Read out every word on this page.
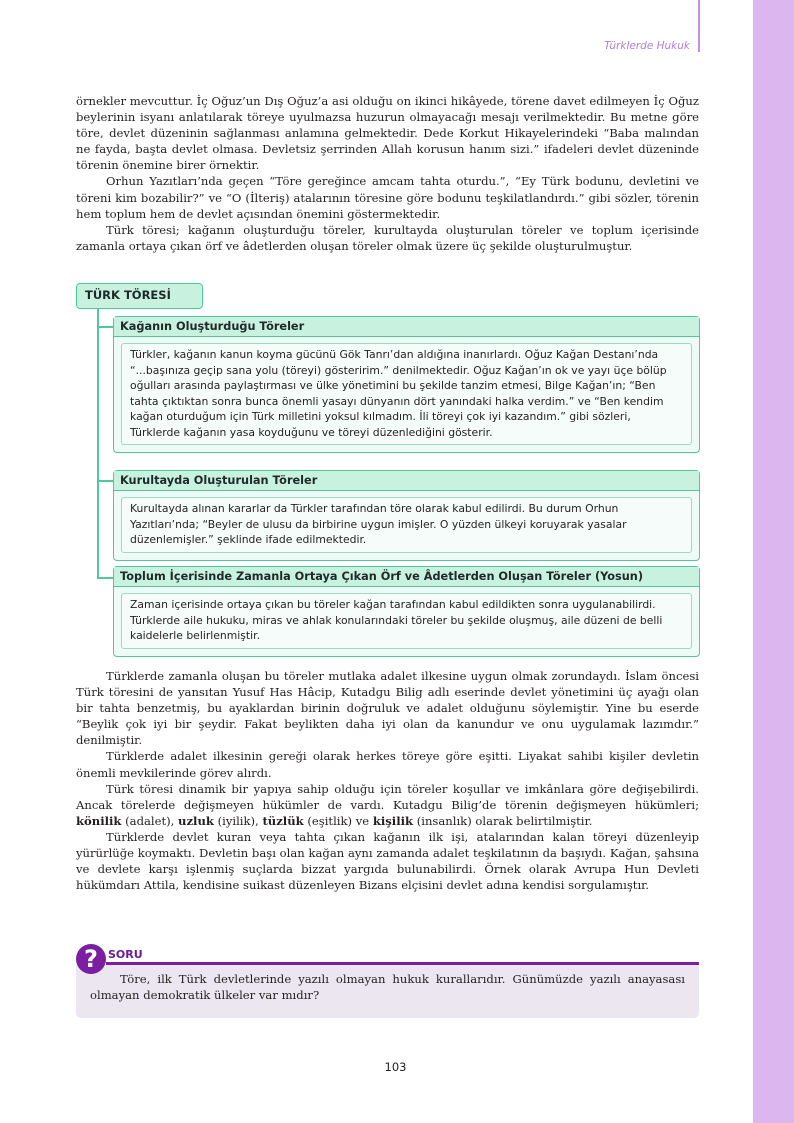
Türklerde Hukuk

örnekler mevcuttur. İç Oğuz’un Dış Oğuz’a asi olduğu on ikinci hikâyede, törene davet edilmeyen İç Oğuz beylerinin isyanı anlatılarak töreye uyulmazsa huzurun olmayacağı mesajı verilmektedir. Bu metne göre töre, devlet düzeninin sağlanması anlamına gelmektedir. Dede Korkut Hikayelerindeki “Baba malından ne fayda, başta devlet olmasa. Devletsiz şerrinden Allah korusun hanım sizi.” ifadeleri devlet düzeninde törenin önemine birer örnektir.

Orhun Yazıtları’nda geçen “Töre gereğince amcam tahta oturdu.”, “Ey Türk bodunu, devletini ve töreni kim bozabilir?” ve “O (İlteriş) atalarının töresine göre bodunu teşkilatlandırdı.” gibi sözler, törenin hem toplum hem de devlet açısından önemini göstermektedir.

Türk töresi; kağanın oluşturduğu töreler, kurultayda oluşturulan töreler ve toplum içerisinde zamanla ortaya çıkan örf ve âdetlerden oluşan töreler olmak üzere üç şekilde oluşturulmuştur.

TÜRK TÖRESİ
Kağanın Oluşturduğu Töreler
Türkler, kağanın kanun koyma gücünü Gök Tanrı’dan aldığına inanırlardı. Oğuz Kağan Destanı’nda “...başınıza geçip sana yolu (töreyi) gösteririm.” denilmektedir. Oğuz Kağan’ın ok ve yayı üçe bölüp oğulları arasında paylaştırması ve ülke yönetimini bu şekilde tanzim etmesi, Bilge Kağan’ın; “Ben tahta çıktıktan sonra bunca önemli yasayı dünyanın dört yanındaki halka verdim.” ve “Ben kendim kağan oturduğum için Türk milletini yoksul kılmadım. İli töreyi çok iyi kazandım.” gibi sözleri, Türklerde kağanın yasa koyduğunu ve töreyi düzenlediğini gösterir.
Kurultayda Oluşturulan Töreler
Kurultayda alınan kararlar da Türkler tarafından töre olarak kabul edilirdi. Bu durum Orhun Yazıtları’nda; “Beyler de ulusu da birbirine uygun imişler. O yüzden ülkeyi koruyarak yasalar düzenlemişler.” şeklinde ifade edilmektedir.
Toplum İçerisinde Zamanla Ortaya Çıkan Örf ve Âdetlerden Oluşan Töreler (Yosun)
Zaman içerisinde ortaya çıkan bu töreler kağan tarafından kabul edildikten sonra uygulanabilirdi. Türklerde aile hukuku, miras ve ahlak konularındaki töreler bu şekilde oluşmuş, aile düzeni de belli kaidelerle belirlenmiştir.

Türklerde zamanla oluşan bu töreler mutlaka adalet ilkesine uygun olmak zorundaydı. İslam öncesi Türk töresini de yansıtan Yusuf Has Hâcip, Kutadgu Bilig adlı eserinde devlet yönetimini üç ayağı olan bir tahta benzetmiş, bu ayaklardan birinin doğruluk ve adalet olduğunu söylemiştir. Yine bu eserde “Beylik çok iyi bir şeydir. Fakat beylikten daha iyi olan da kanundur ve onu uygulamak lazımdır.” denilmiştir.

Türklerde adalet ilkesinin gereği olarak herkes töreye göre eşitti. Liyakat sahibi kişiler devletin önemli mevkilerinde görev alırdı.

Türk töresi dinamik bir yapıya sahip olduğu için töreler koşullar ve imkânlara göre değişebilirdi. Ancak törelerde değişmeyen hükümler de vardı. Kutadgu Bilig’de törenin değişmeyen hükümleri; könilik (adalet), uzluk (iyilik), tüzlük (eşitlik) ve kişilik (insanlık) olarak belirtilmiştir.

Türklerde devlet kuran veya tahta çıkan kağanın ilk işi, atalarından kalan töreyi düzenleyip yürürlüğe koymaktı. Devletin başı olan kağan aynı zamanda adalet teşkilatının da başıydı. Kağan, şahsına ve devlete karşı işlenmiş suçlarda bizzat yargıda bulunabilirdi. Örnek olarak Avrupa Hun Devleti hükümdarı Attila, kendisine suikast düzenleyen Bizans elçisini devlet adına kendisi sorgulamıştır.

Töre, ilk Türk devletlerinde yazılı olmayan hukuk kurallarıdır. Günümüzde yazılı anayasası olmayan demokratik ülkeler var mıdır?

? SORU
103
